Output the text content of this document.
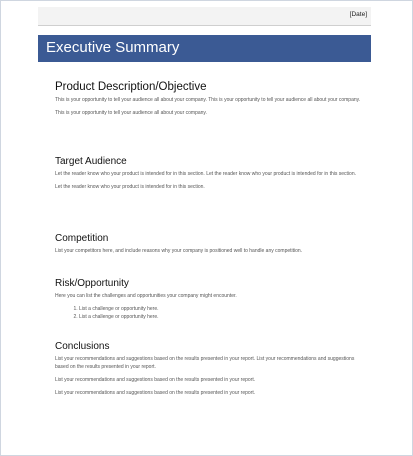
[Date]
Executive Summary
Product Description/Objective

This is your opportunity to tell your audience all about your company. This is your opportunity to tell your audience all about your company.

This is your opportunity to tell your audience all about your company.

Target Audience

Let the reader know who your product is intended for in this section. Let the reader know who your product is intended for in this section.

Let the reader know who your product is intended for in this section.

Competition

List your competitors here, and include reasons why your company is positioned well to handle any competition.

Risk/Opportunity

Here you can list the challenges and opportunities your company might encounter.

1. List a challenge or opportunity here.
2. List a challenge or opportunity here.
Conclusions

List your recommendations and suggestions based on the results presented in your report. List your recommendations and suggestions based on the results presented in your report.

List your recommendations and suggestions based on the results presented in your report.

List your recommendations and suggestions based on the results presented in your report.
